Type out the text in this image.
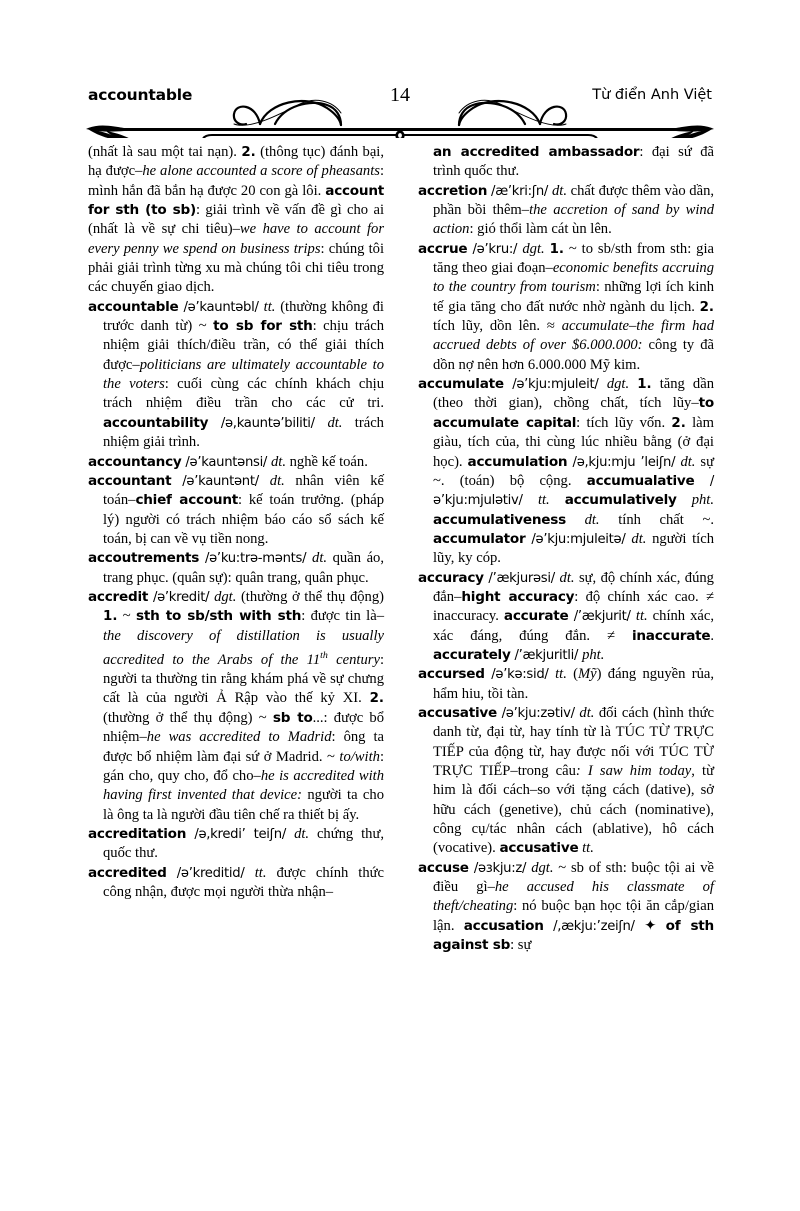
accountable	14	Từ điển Anh Việt

(nhất là sau một tai nạn). 2. (thông tục) đánh bại, hạ được–he alone accounted a score of pheasants: mình hắn đã bắn hạ được 20 con gà lôi. account for sth (to sb): giải trình về vấn đề gì cho ai (nhất là về sự chi tiêu)–we have to account for every penny we spend on business trips: chúng tôi phải giải trình từng xu mà chúng tôi chi tiêu trong các chuyến giao dịch.

accountable /ə’kauntəbl/ tt. (thường không đi trước danh từ) ~ to sb for sth: chịu trách nhiệm giải thích/điều trần, có thể giải thích được–politicians are ultimately accountable to the voters: cuối cùng các chính khách chịu trách nhiệm điều trần cho các cử tri. accountability /ə,kauntə’biliti/ dt. trách nhiệm giải trình.

accountancy /ə’kauntənsi/ dt. nghề kế toán.

accountant /ə’kauntənt/ dt. nhân viên kế toán–chief account: kế toán trưởng. (pháp lý) người có trách nhiệm báo cáo sổ sách kế toán, bị can về vụ tiền nong.

accoutrements /ə’ku:trə-mənts/ dt. quần áo, trang phục. (quân sự): quân trang, quân phục.

accredit /ə’kredit/ dgt. (thường ở thể thụ động) 1. ~ sth to sb/sth with sth: được tin là–the discovery of distillation is usually accredited to the Arabs of the 11th century: người ta thường tin rằng khám phá về sự chưng cất là của người Ả Rập vào thế kỷ XI. 2. (thường ở thể thụ động) ~ sb to...: được bổ nhiệm–he was accredited to Madrid: ông ta được bổ nhiệm làm đại sứ ở Madrid. ~ to/with: gán cho, quy cho, đổ cho–he is accredited with having first invented that device: người ta cho là ông ta là người đầu tiên chế ra thiết bị ấy.

accreditation /ə,kredi’ teiʃn/ dt. chứng thư, quốc thư.

accredited /ə’kreditid/ tt. được chính thức công nhận, được mọi người thừa nhận–

an accredited ambassador: đại sứ đã trình quốc thư.

accretion /æ’kri:ʃn/ dt. chất được thêm vào dần, phần bồi thêm–the accretion of sand by wind action: gió thổi làm cát ùn lên.

accrue /ə’kru:/ dgt. 1. ~ to sb/sth from sth: gia tăng theo giai đoạn–economic benefits accruing to the country from tourism: những lợi ích kinh tế gia tăng cho đất nước nhờ ngành du lịch. 2. tích lũy, dồn lên. ≈ accumulate–the firm had accrued debts of over $6.000.000: công ty đã dồn nợ nên hơn 6.000.000 Mỹ kim.

accumulate /ə’kju:mjuleit/ dgt. 1. tăng dần (theo thời gian), chồng chất, tích lũy–to accumulate capital: tích lũy vốn. 2. làm giàu, tích của, thi cùng lúc nhiều bằng (ở đại học). accumulation /ə,kju:mju ’leiʃn/ dt. sự ~. (toán) bộ cộng. accumualative /ə’kju:mjulətiv/ tt. accumulatively pht. accumulativeness dt. tính chất ~. accumulator /ə’kju:mjuleitə/ dt. người tích lũy, ky cóp.

accuracy /’ækjurəsi/ dt. sự, độ chính xác, đúng đắn–hight accuracy: độ chính xác cao. ≠ inaccuracy. accurate /’ækjurit/ tt. chính xác, xác đáng, đúng đắn. ≠ inaccurate. accurately /’ækjuritli/ pht.

accursed /ə’kə:sid/ tt. (Mỹ) đáng nguyền rủa, hẩm hiu, tồi tàn.

accusative /ə’kju:zətiv/ dt. đối cách (hình thức danh từ, đại từ, hay tính từ là TÚC TỪ TRỰC TIẾP của động từ, hay được nối với TÚC TỪ TRỰC TIẾP–trong câu: I saw him today, từ him là đối cách–so với tặng cách (dative), sở hữu cách (genetive), chủ cách (nominative), công cụ/tác nhân cách (ablative), hô cách (vocative). accusative tt.

accuse /əɜkju:z/ dgt. ~ sb of sth: buộc tội ai về điều gì–he accused his classmate of theft/cheating: nó buộc bạn học tội ăn cắp/gian lận. accusation /,ækju:’zeiʃn/ ✦ of sth against sb: sự
